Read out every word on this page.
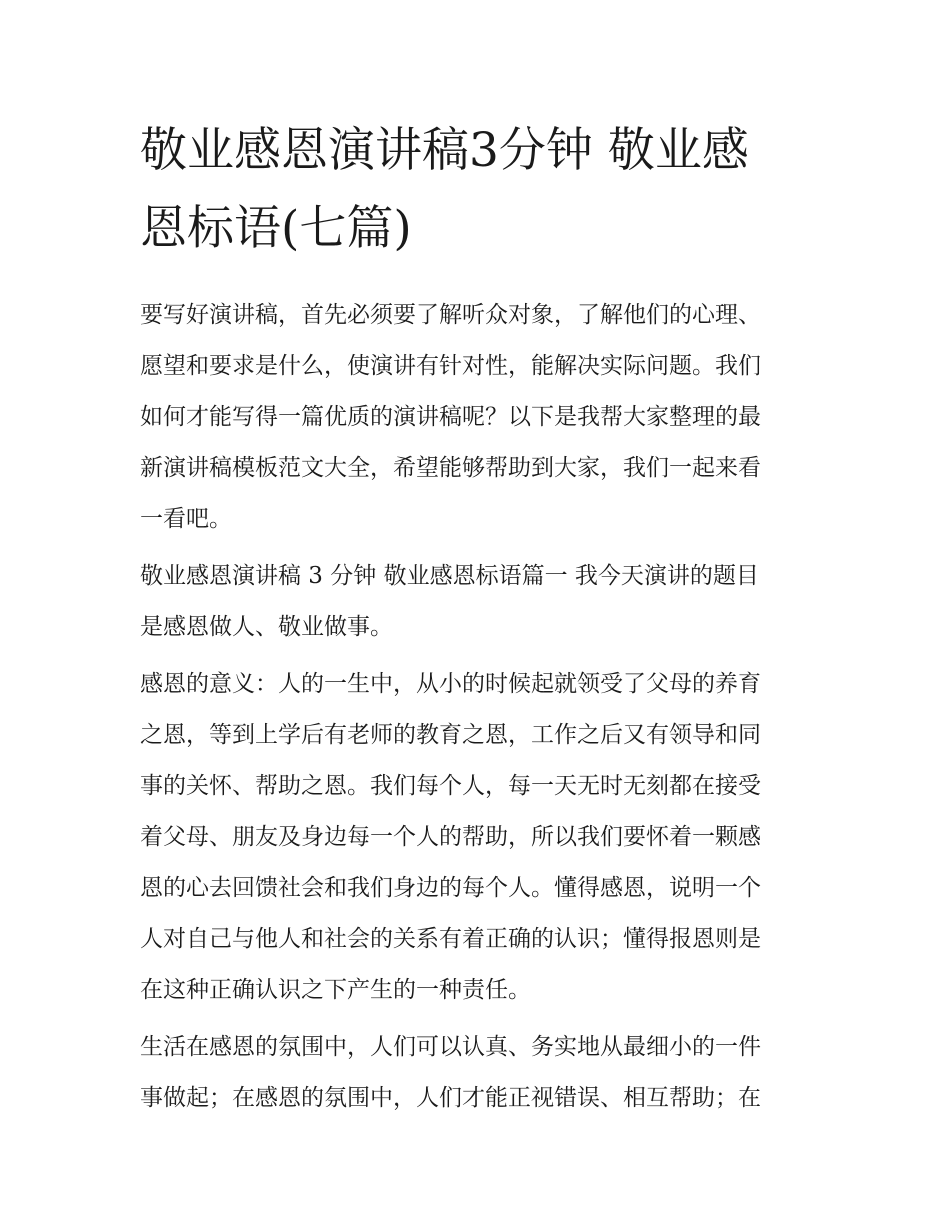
敬业感恩演讲稿3分钟 敬业感
恩标语(七篇)

要写好演讲稿，首先必须要了解听众对象，了解他们的心理、
愿望和要求是什么，使演讲有针对性，能解决实际问题。我们
如何才能写得一篇优质的演讲稿呢？以下是我帮大家整理的最
新演讲稿模板范文大全，希望能够帮助到大家，我们一起来看
一看吧。

敬业感恩演讲稿 3 分钟 敬业感恩标语篇一 我今天演讲的题目
是感恩做人、敬业做事。

感恩的意义：人的一生中，从小的时候起就领受了父母的养育
之恩，等到上学后有老师的教育之恩，工作之后又有领导和同
事的关怀、帮助之恩。我们每个人，每一天无时无刻都在接受
着父母、朋友及身边每一个人的帮助，所以我们要怀着一颗感
恩的心去回馈社会和我们身边的每个人。懂得感恩，说明一个
人对自己与他人和社会的关系有着正确的认识；懂得报恩则是
在这种正确认识之下产生的一种责任。

生活在感恩的氛围中，人们可以认真、务实地从最细小的一件
事做起；在感恩的氛围中，人们才能正视错误、相互帮助；在
